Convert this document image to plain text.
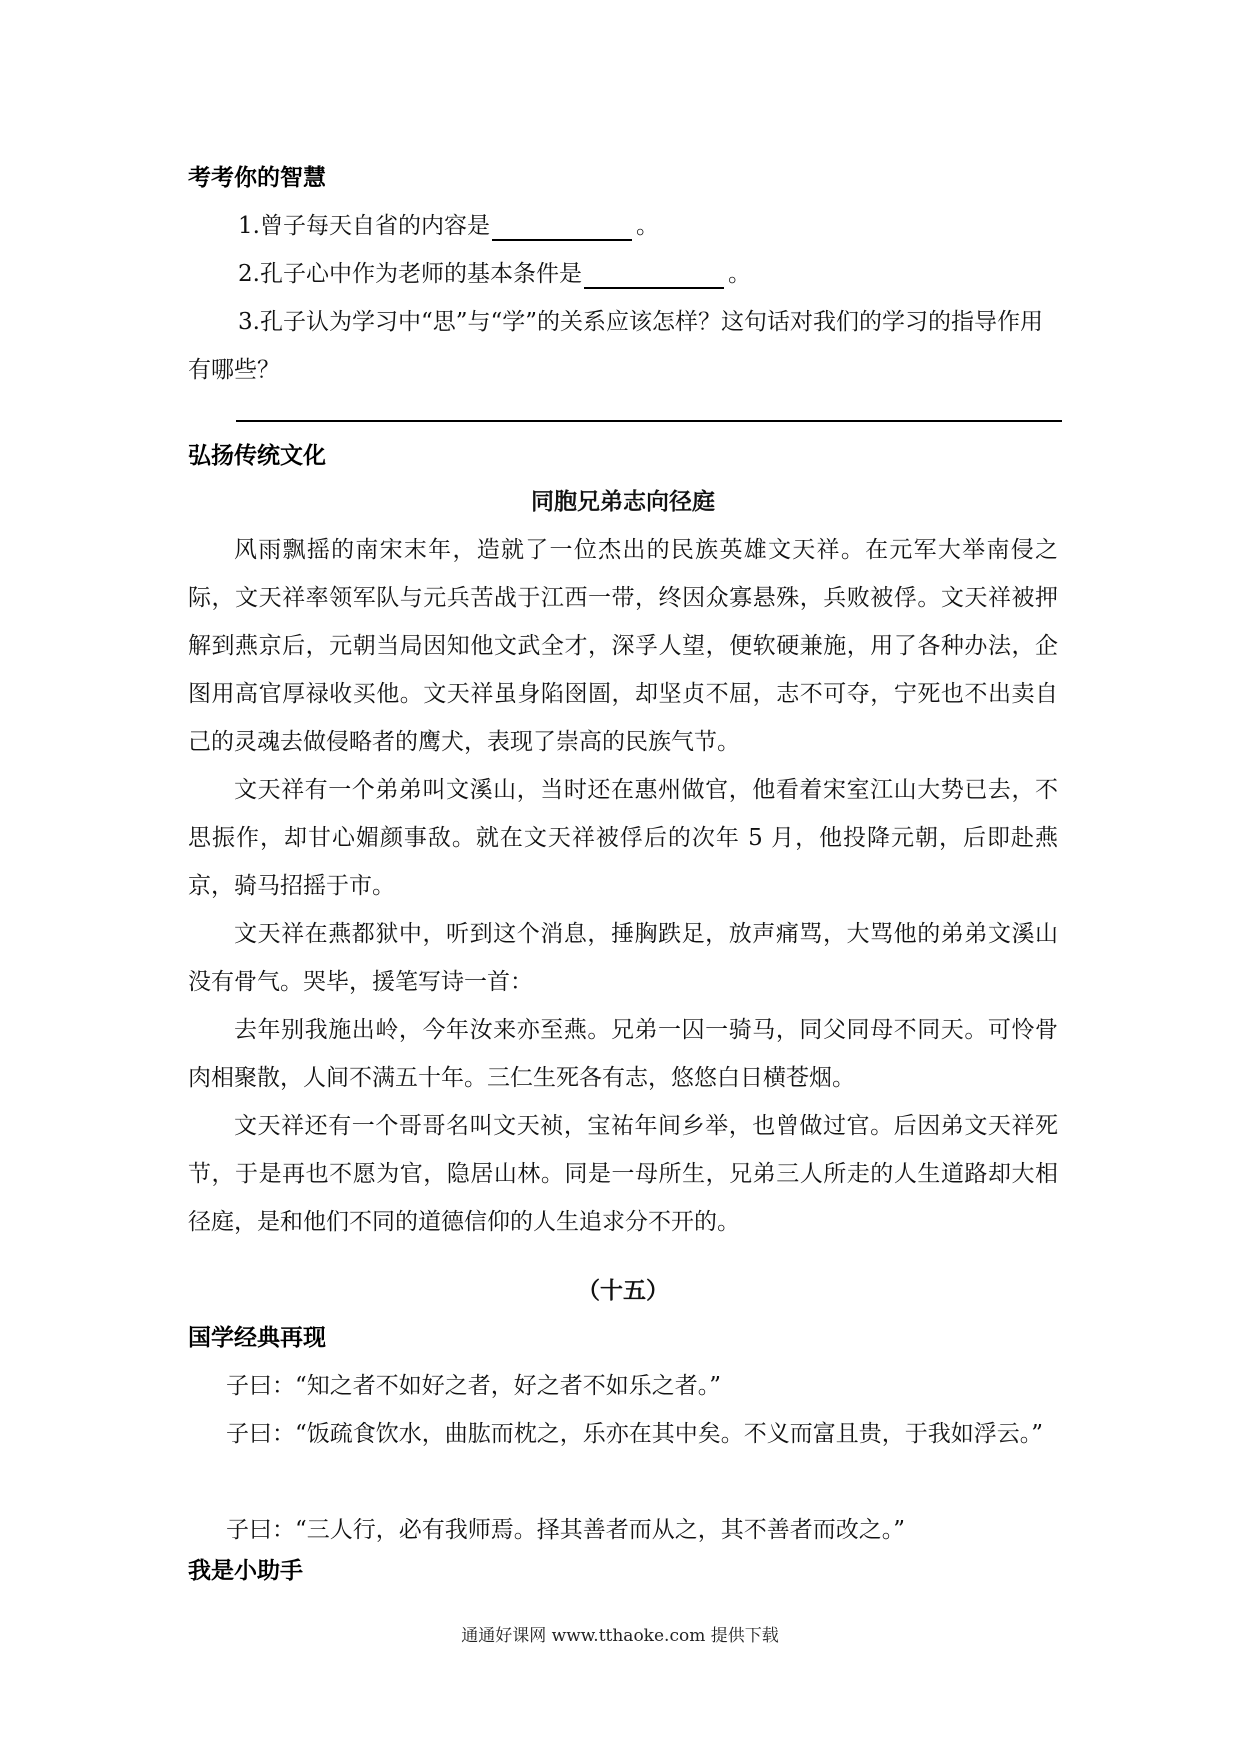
考考你的智慧
1.曾子每天自省的内容是	。
2.孔子心中作为老师的基本条件是	。

3.孔子认为学习中“思”与“学”的关系应该怎样？这句话对我们的学习的指导作用有哪些？

弘扬传统文化
同胞兄弟志向径庭

风雨飘摇的南宋末年，造就了一位杰出的民族英雄文天祥。在元军大举南侵之际，文天祥率领军队与元兵苦战于江西一带，终因众寡悬殊，兵败被俘。文天祥被押解到燕京后，元朝当局因知他文武全才，深孚人望，便软硬兼施，用了各种办法，企图用高官厚禄收买他。文天祥虽身陷囹圄，却坚贞不屈，志不可夺，宁死也不出卖自己的灵魂去做侵略者的鹰犬，表现了崇高的民族气节。

文天祥有一个弟弟叫文溪山，当时还在惠州做官，他看着宋室江山大势已去，不思振作，却甘心媚颜事敌。就在文天祥被俘后的次年 5 月，他投降元朝，后即赴燕京，骑马招摇于市。

文天祥在燕都狱中，听到这个消息，捶胸跌足，放声痛骂，大骂他的弟弟文溪山没有骨气。哭毕，援笔写诗一首：

去年别我施出岭，今年汝来亦至燕。兄弟一囚一骑马，同父同母不同天。可怜骨肉相聚散，人间不满五十年。三仁生死各有志，悠悠白日横苍烟。

文天祥还有一个哥哥名叫文天祯，宝祐年间乡举，也曾做过官。后因弟文天祥死节，于是再也不愿为官，隐居山林。同是一母所生，兄弟三人所走的人生道路却大相径庭，是和他们不同的道德信仰的人生追求分不开的。

（十五）
国学经典再现

子曰：“知之者不如好之者，好之者不如乐之者。”

子曰：“饭疏食饮水，曲肱而枕之，乐亦在其中矣。不义而富且贵，于我如浮云。”

子曰：“三人行，必有我师焉。择其善者而从之，其不善者而改之。”

我是小助手
通通好课网 www.tthaoke.com 提供下载
